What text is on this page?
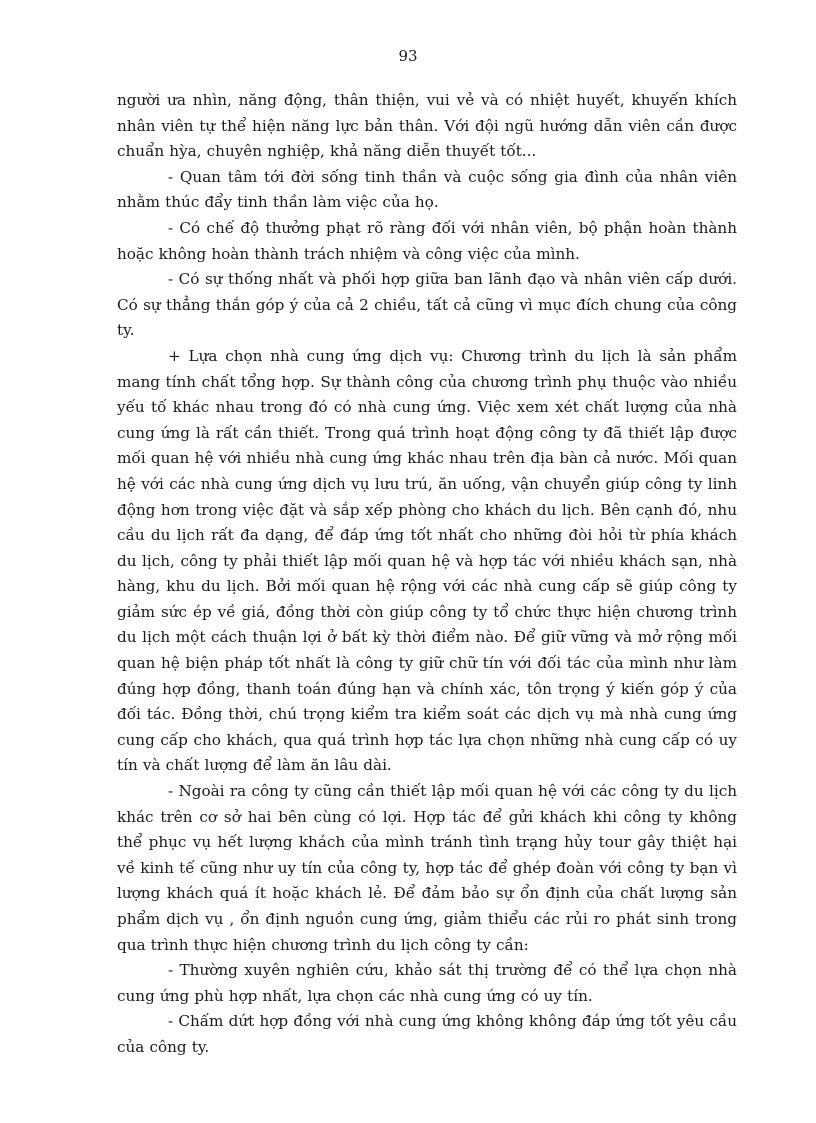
93

người ưa nhìn, năng động, thân thiện, vui vẻ và có nhiệt huyết, khuyến khích nhân viên tự thể hiện năng lực bản thân. Với đội ngũ hướng dẫn viên cần được chuẩn hỳa, chuyên nghiệp, khả năng diễn thuyết tốt...

- Quan tâm tới đời sống tinh thần và cuộc sống gia đình của nhân viên nhằm thúc đẩy tinh thần làm việc của họ.

- Có chế độ thưởng phạt rõ ràng đối với nhân viên, bộ phận hoàn thành hoặc không hoàn thành trách nhiệm và công việc của mình.

- Có sự thống nhất và phối hợp giữa ban lãnh đạo và nhân viên cấp dưới. Có sự thẳng thắn góp ý của cả 2 chiều, tất cả cũng vì mục đích chung của công ty.

+ Lựa chọn nhà cung ứng dịch vụ: Chương trình du lịch là sản phẩm mang tính chất tổng hợp. Sự thành công của chương trình phụ thuộc vào nhiều yếu tố khác nhau trong đó có nhà cung ứng. Việc xem xét chất lượng của nhà cung ứng là rất cần thiết. Trong quá trình hoạt động công ty đã thiết lập được mối quan hệ với nhiều nhà cung ứng khác nhau trên địa bàn cả nước. Mối quan hệ với các nhà cung ứng dịch vụ lưu trú, ăn uống, vận chuyển giúp công ty linh động hơn trong việc đặt và sắp xếp phòng cho khách du lịch. Bên cạnh đó, nhu cầu du lịch rất đa dạng, để đáp ứng tốt nhất cho những đòi hỏi từ phía khách du lịch, công ty phải thiết lập mối quan hệ và hợp tác với nhiều khách sạn, nhà hàng, khu du lịch. Bởi mối quan hệ rộng với các nhà cung cấp sẽ giúp công ty giảm sức ép về giá, đồng thời còn giúp công ty tổ chức thực hiện chương trình du lịch một cách thuận lợi ở bất kỳ thời điểm nào. Để giữ vững và mở rộng mối quan hệ biện pháp tốt nhất là công ty giữ chữ tín với đối tác của mình như làm đúng hợp đồng, thanh toán đúng hạn và chính xác, tôn trọng ý kiến góp ý của đối tác. Đồng thời, chú trọng kiểm tra kiểm soát các dịch vụ mà nhà cung ứng cung cấp cho khách, qua quá trình hợp tác lựa chọn những nhà cung cấp có uy tín và chất lượng để làm ăn lâu dài.

- Ngoài ra công ty cũng cần thiết lập mối quan hệ với các công ty du lịch khác trên cơ sở hai bên cùng có lợi. Hợp tác để gửi khách khi công ty không thể phục vụ hết lượng khách của mình tránh tình trạng hủy tour gây thiệt hại về kinh tế cũng như uy tín của công ty, hợp tác để ghép đoàn với công ty bạn vì lượng khách quá ít hoặc khách lẻ. Để đảm bảo sự ổn định của chất lượng sản phẩm dịch vụ , ổn định nguồn cung ứng, giảm thiểu các rủi ro phát sinh trong qua trình thực hiện chương trình du lịch công ty cần:

- Thường xuyên nghiên cứu, khảo sát thị trường để có thể lựa chọn nhà cung ứng phù hợp nhất, lựa chọn các nhà cung ứng có uy tín.

- Chấm dứt hợp đồng với nhà cung ứng không không đáp ứng tốt yêu cầu của công ty.
